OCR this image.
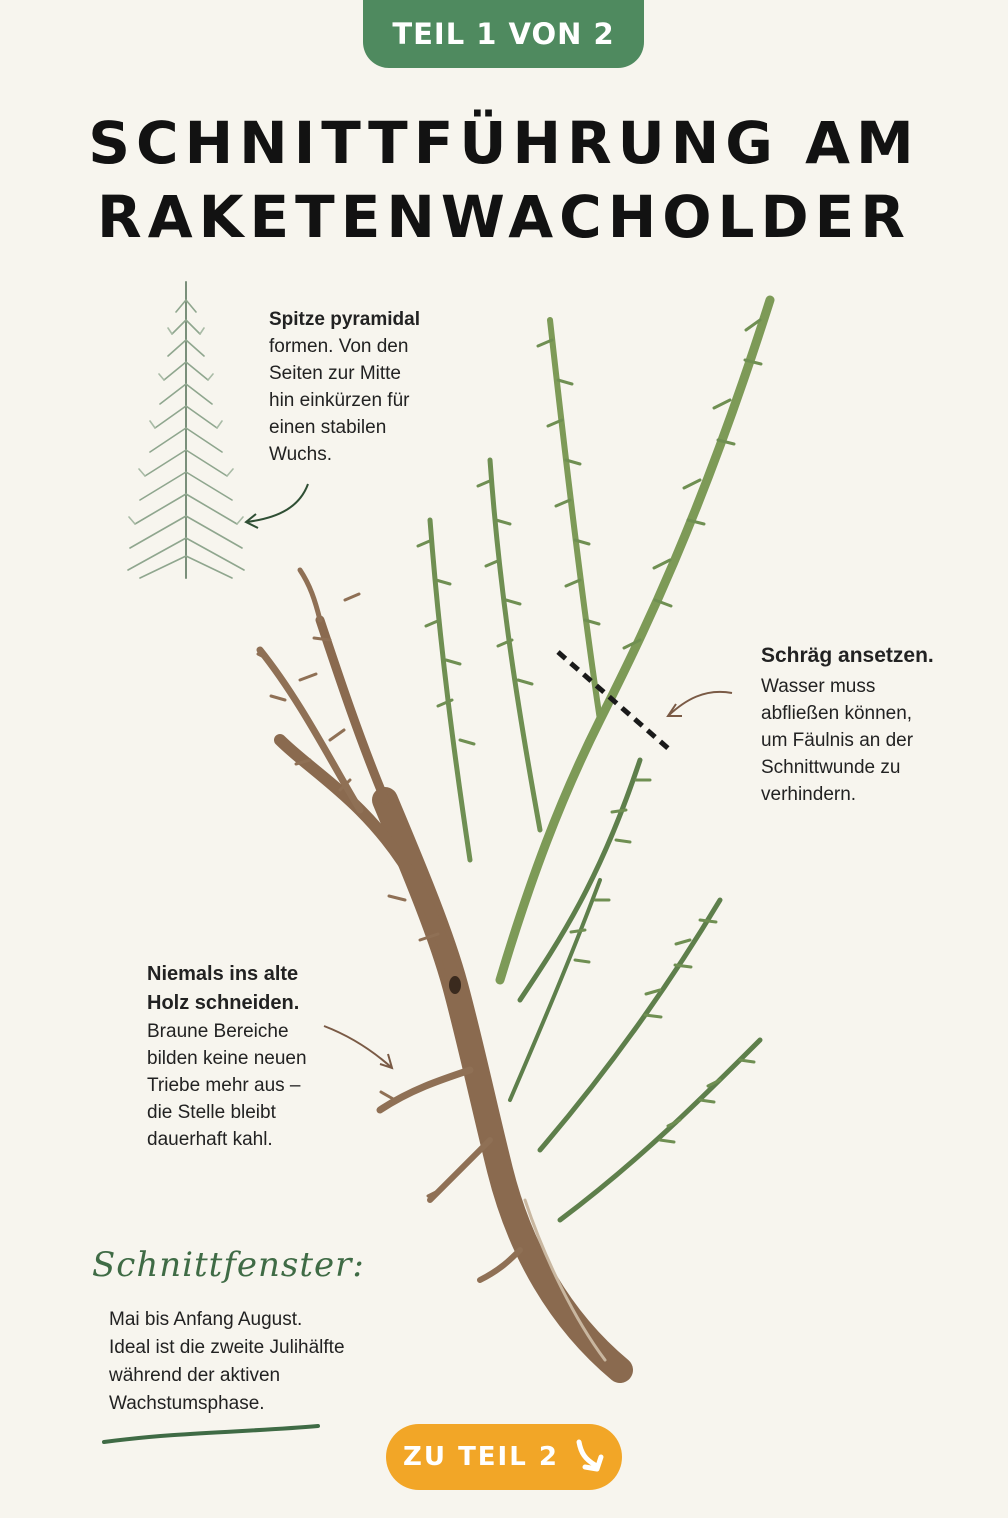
TEIL 1 VON 2
SCHNITTFÜHRUNG AM
RAKETENWACHOLDER
Spitze pyramidal
formen. Von den
Seiten zur Mitte
hin einkürzen für
einen stabilen
Wuchs.
Schräg ansetzen.
Wasser muss
abfließen können,
um Fäulnis an der
Schnittwunde zu
verhindern.
Niemals ins alte
Holz schneiden.
Braune Bereiche
bilden keine neuen
Triebe mehr aus –
die Stelle bleibt
dauerhaft kahl.

Schnittfenster:

Mai bis Anfang August.
Ideal ist die zweite Julihälfte
während der aktiven
Wachstumsphase.
ZU TEIL 2
